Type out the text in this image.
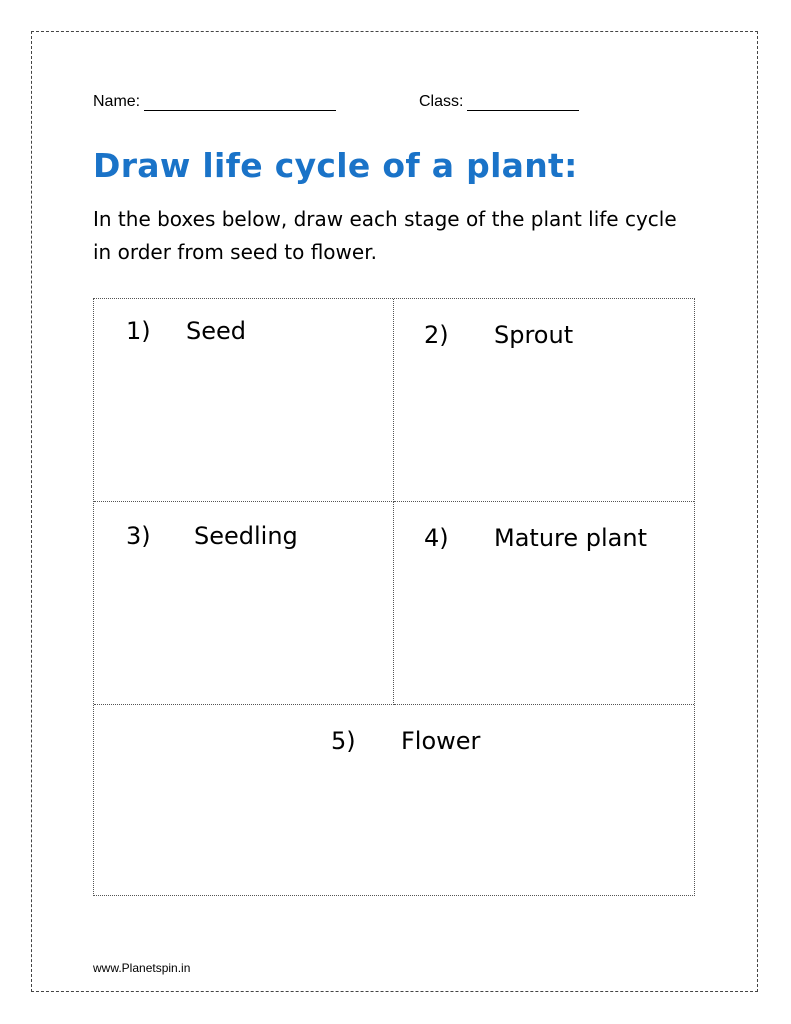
Name:	Class:
Draw life cycle of a plant:
In the boxes below, draw each stage of the plant life cycle in order from seed to flower.
1) Seed	2) Sprout
3) Seedling	4) Mature plant
5) Flower
www.Planetspin.in
